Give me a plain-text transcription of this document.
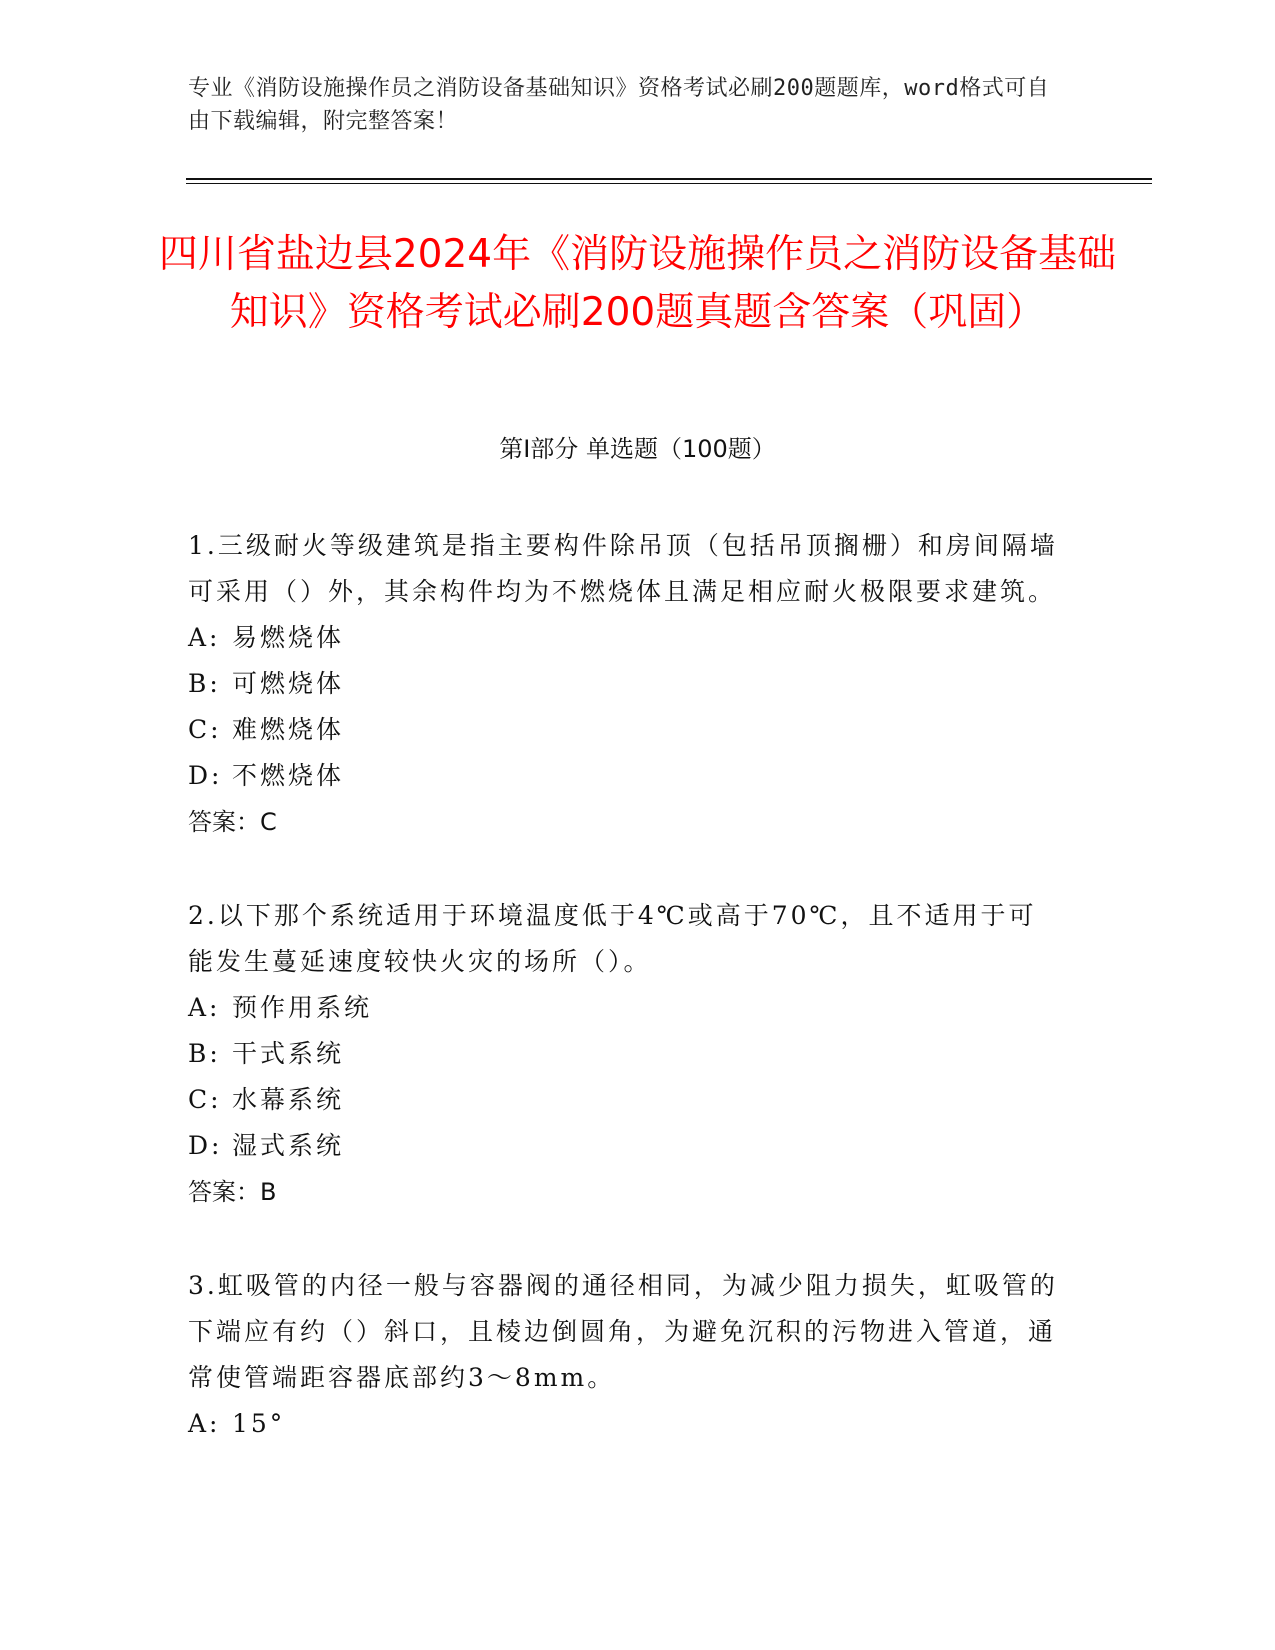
专业《消防设施操作员之消防设备基础知识》资格考试必刷200题题库，word格式可自由下载编辑，附完整答案！
四川省盐边县2024年《消防设施操作员之消防设备基础知识》资格考试必刷200题真题含答案（巩固）
第I部分 单选题（100题）

1.三级耐火等级建筑是指主要构件除吊顶（包括吊顶搁栅）和房间隔墙可采用（）外，其余构件均为不燃烧体且满足相应耐火极限要求建筑。

A: 易燃烧体
B: 可燃烧体
C: 难燃烧体
D: 不燃烧体
答案：C

2.以下那个系统适用于环境温度低于4℃或高于70℃，且不适用于可能发生蔓延速度较快火灾的场所（）。

A: 预作用系统
B: 干式系统
C: 水幕系统
D: 湿式系统
答案：B

3.虹吸管的内径一般与容器阀的通径相同，为减少阻力损失，虹吸管的下端应有约（）斜口，且棱边倒圆角，为避免沉积的污物进入管道，通常使管端距容器底部约3～8mm。

A: 15°
